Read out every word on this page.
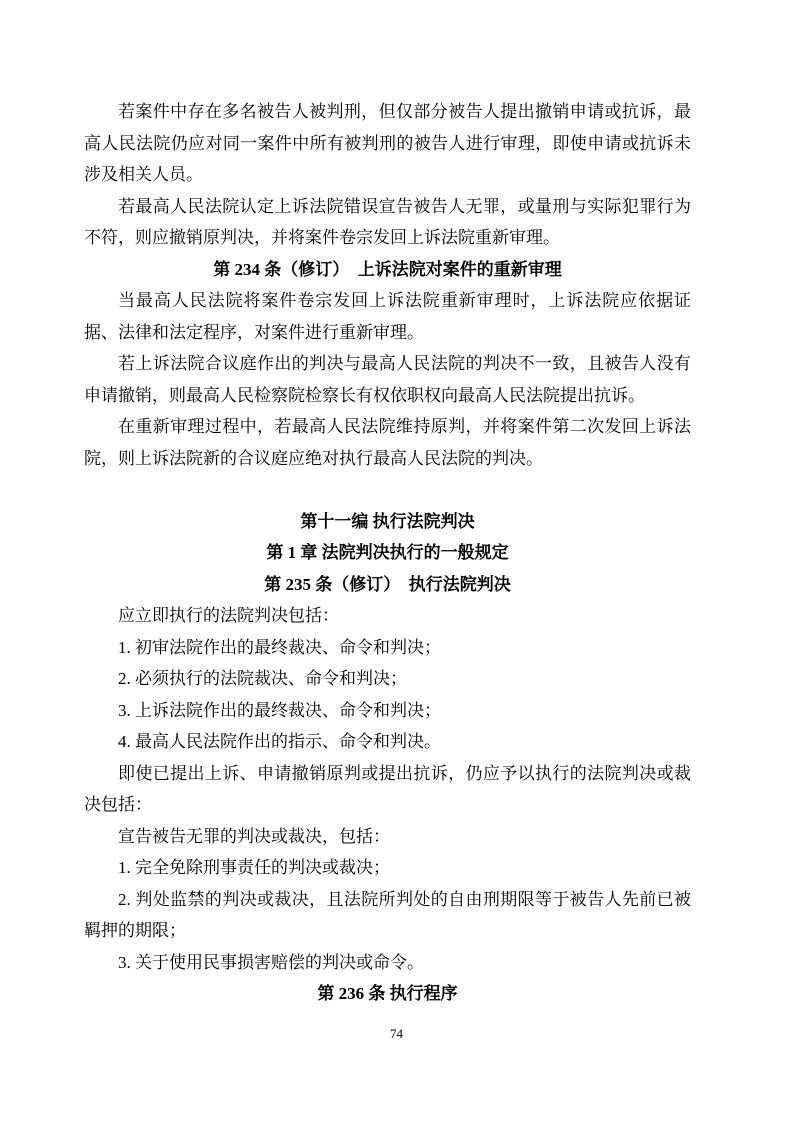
若案件中存在多名被告人被判刑，但仅部分被告人提出撤销申请或抗诉，最高人民法院仍应对同一案件中所有被判刑的被告人进行审理，即使申请或抗诉未涉及相关人员。

若最高人民法院认定上诉法院错误宣告被告人无罪，或量刑与实际犯罪行为不符，则应撤销原判决，并将案件卷宗发回上诉法院重新审理。

第 234 条（修订）　上诉法院对案件的重新审理

当最高人民法院将案件卷宗发回上诉法院重新审理时，上诉法院应依据证据、法律和法定程序，对案件进行重新审理。

若上诉法院合议庭作出的判决与最高人民法院的判决不一致，且被告人没有申请撤销，则最高人民检察院检察长有权依职权向最高人民法院提出抗诉。

在重新审理过程中，若最高人民法院维持原判，并将案件第二次发回上诉法院，则上诉法院新的合议庭应绝对执行最高人民法院的判决。

第十一编 执行法院判决

第 1 章 法院判决执行的一般规定

第 235 条（修订）　执行法院判决

应立即执行的法院判决包括：

1. 初审法院作出的最终裁决、命令和判决；

2. 必须执行的法院裁决、命令和判决；

3. 上诉法院作出的最终裁决、命令和判决；

4. 最高人民法院作出的指示、命令和判决。

即使已提出上诉、申请撤销原判或提出抗诉，仍应予以执行的法院判决或裁决包括：

宣告被告无罪的判决或裁决，包括：

1. 完全免除刑事责任的判决或裁决；

2. 判处监禁的判决或裁决，且法院所判处的自由刑期限等于被告人先前已被羁押的期限；

3. 关于使用民事损害赔偿的判决或命令。

第 236 条 执行程序

74
